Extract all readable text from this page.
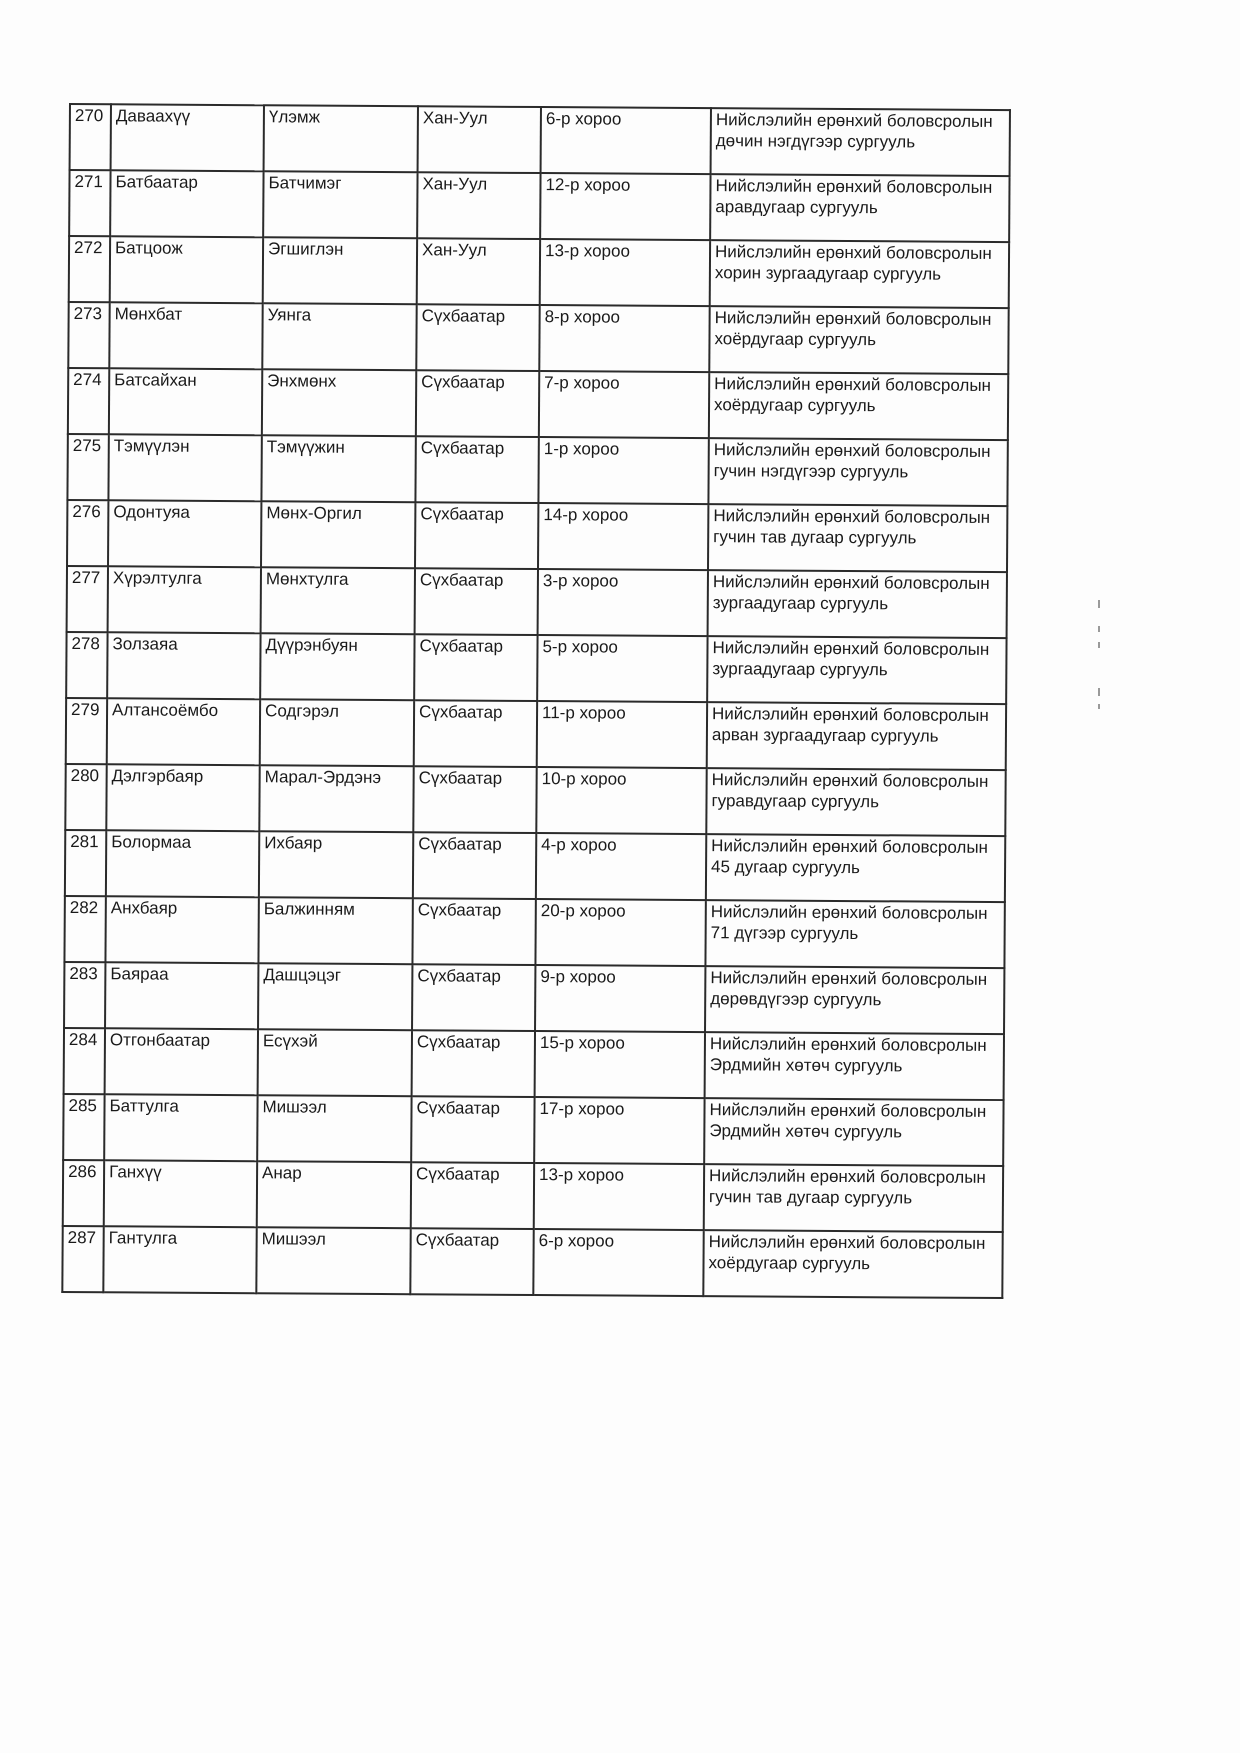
270	Даваахүү	Үлэмж	Хан-Уул	6-р хороо	Нийслэлийн ерөнхий боловсролын
дөчин нэгдүгээр сургууль

271	Батбаатар	Батчимэг	Хан-Уул	12-р хороо	Нийслэлийн ерөнхий боловсролын
аравдугаар сургууль

272	Батцоож	Эгшиглэн	Хан-Уул	13-р хороо	Нийслэлийн ерөнхий боловсролын
хорин зургаадугаар сургууль

273	Мөнхбат	Уянга	Сүхбаатар	8-р хороо	Нийслэлийн ерөнхий боловсролын
хоёрдугаар сургууль

274	Батсайхан	Энхмөнх	Сүхбаатар	7-р хороо	Нийслэлийн ерөнхий боловсролын
хоёрдугаар сургууль

275	Тэмүүлэн	Тэмүүжин	Сүхбаатар	1-р хороо	Нийслэлийн ерөнхий боловсролын
гучин нэгдүгээр сургууль

276	Одонтуяа	Мөнх-Оргил	Сүхбаатар	14-р хороо	Нийслэлийн ерөнхий боловсролын
гучин тав дугаар сургууль

277	Хүрэлтулга	Мөнхтулга	Сүхбаатар	3-р хороо	Нийслэлийн ерөнхий боловсролын
зургаадугаар сургууль

278	Золзаяа	Дүүрэнбуян	Сүхбаатар	5-р хороо	Нийслэлийн ерөнхий боловсролын
зургаадугаар сургууль

279	Алтансоёмбо	Содгэрэл	Сүхбаатар	11-р хороо	Нийслэлийн ерөнхий боловсролын
арван зургаадугаар сургууль

280	Дэлгэрбаяр	Марал-Эрдэнэ	Сүхбаатар	10-р хороо	Нийслэлийн ерөнхий боловсролын
гуравдугаар сургууль

281	Болормаа	Ихбаяр	Сүхбаатар	4-р хороо	Нийслэлийн ерөнхий боловсролын
45 дугаар сургууль

282	Анхбаяр	Балжинням	Сүхбаатар	20-р хороо	Нийслэлийн ерөнхий боловсролын
71 дүгээр сургууль

283	Баяраа	Дашцэцэг	Сүхбаатар	9-р хороо	Нийслэлийн ерөнхий боловсролын
дөрөвдүгээр сургууль

284	Отгонбаатар	Есүхэй	Сүхбаатар	15-р хороо	Нийслэлийн ерөнхий боловсролын
Эрдмийн хөтөч сургууль

285	Баттулга	Мишээл	Сүхбаатар	17-р хороо	Нийслэлийн ерөнхий боловсролын
Эрдмийн хөтөч сургууль

286	Ганхүү	Анар	Сүхбаатар	13-р хороо	Нийслэлийн ерөнхий боловсролын
гучин тав дугаар сургууль

287	Гантулга	Мишээл	Сүхбаатар	6-р хороо	Нийслэлийн ерөнхий боловсролын
хоёрдугаар сургууль
